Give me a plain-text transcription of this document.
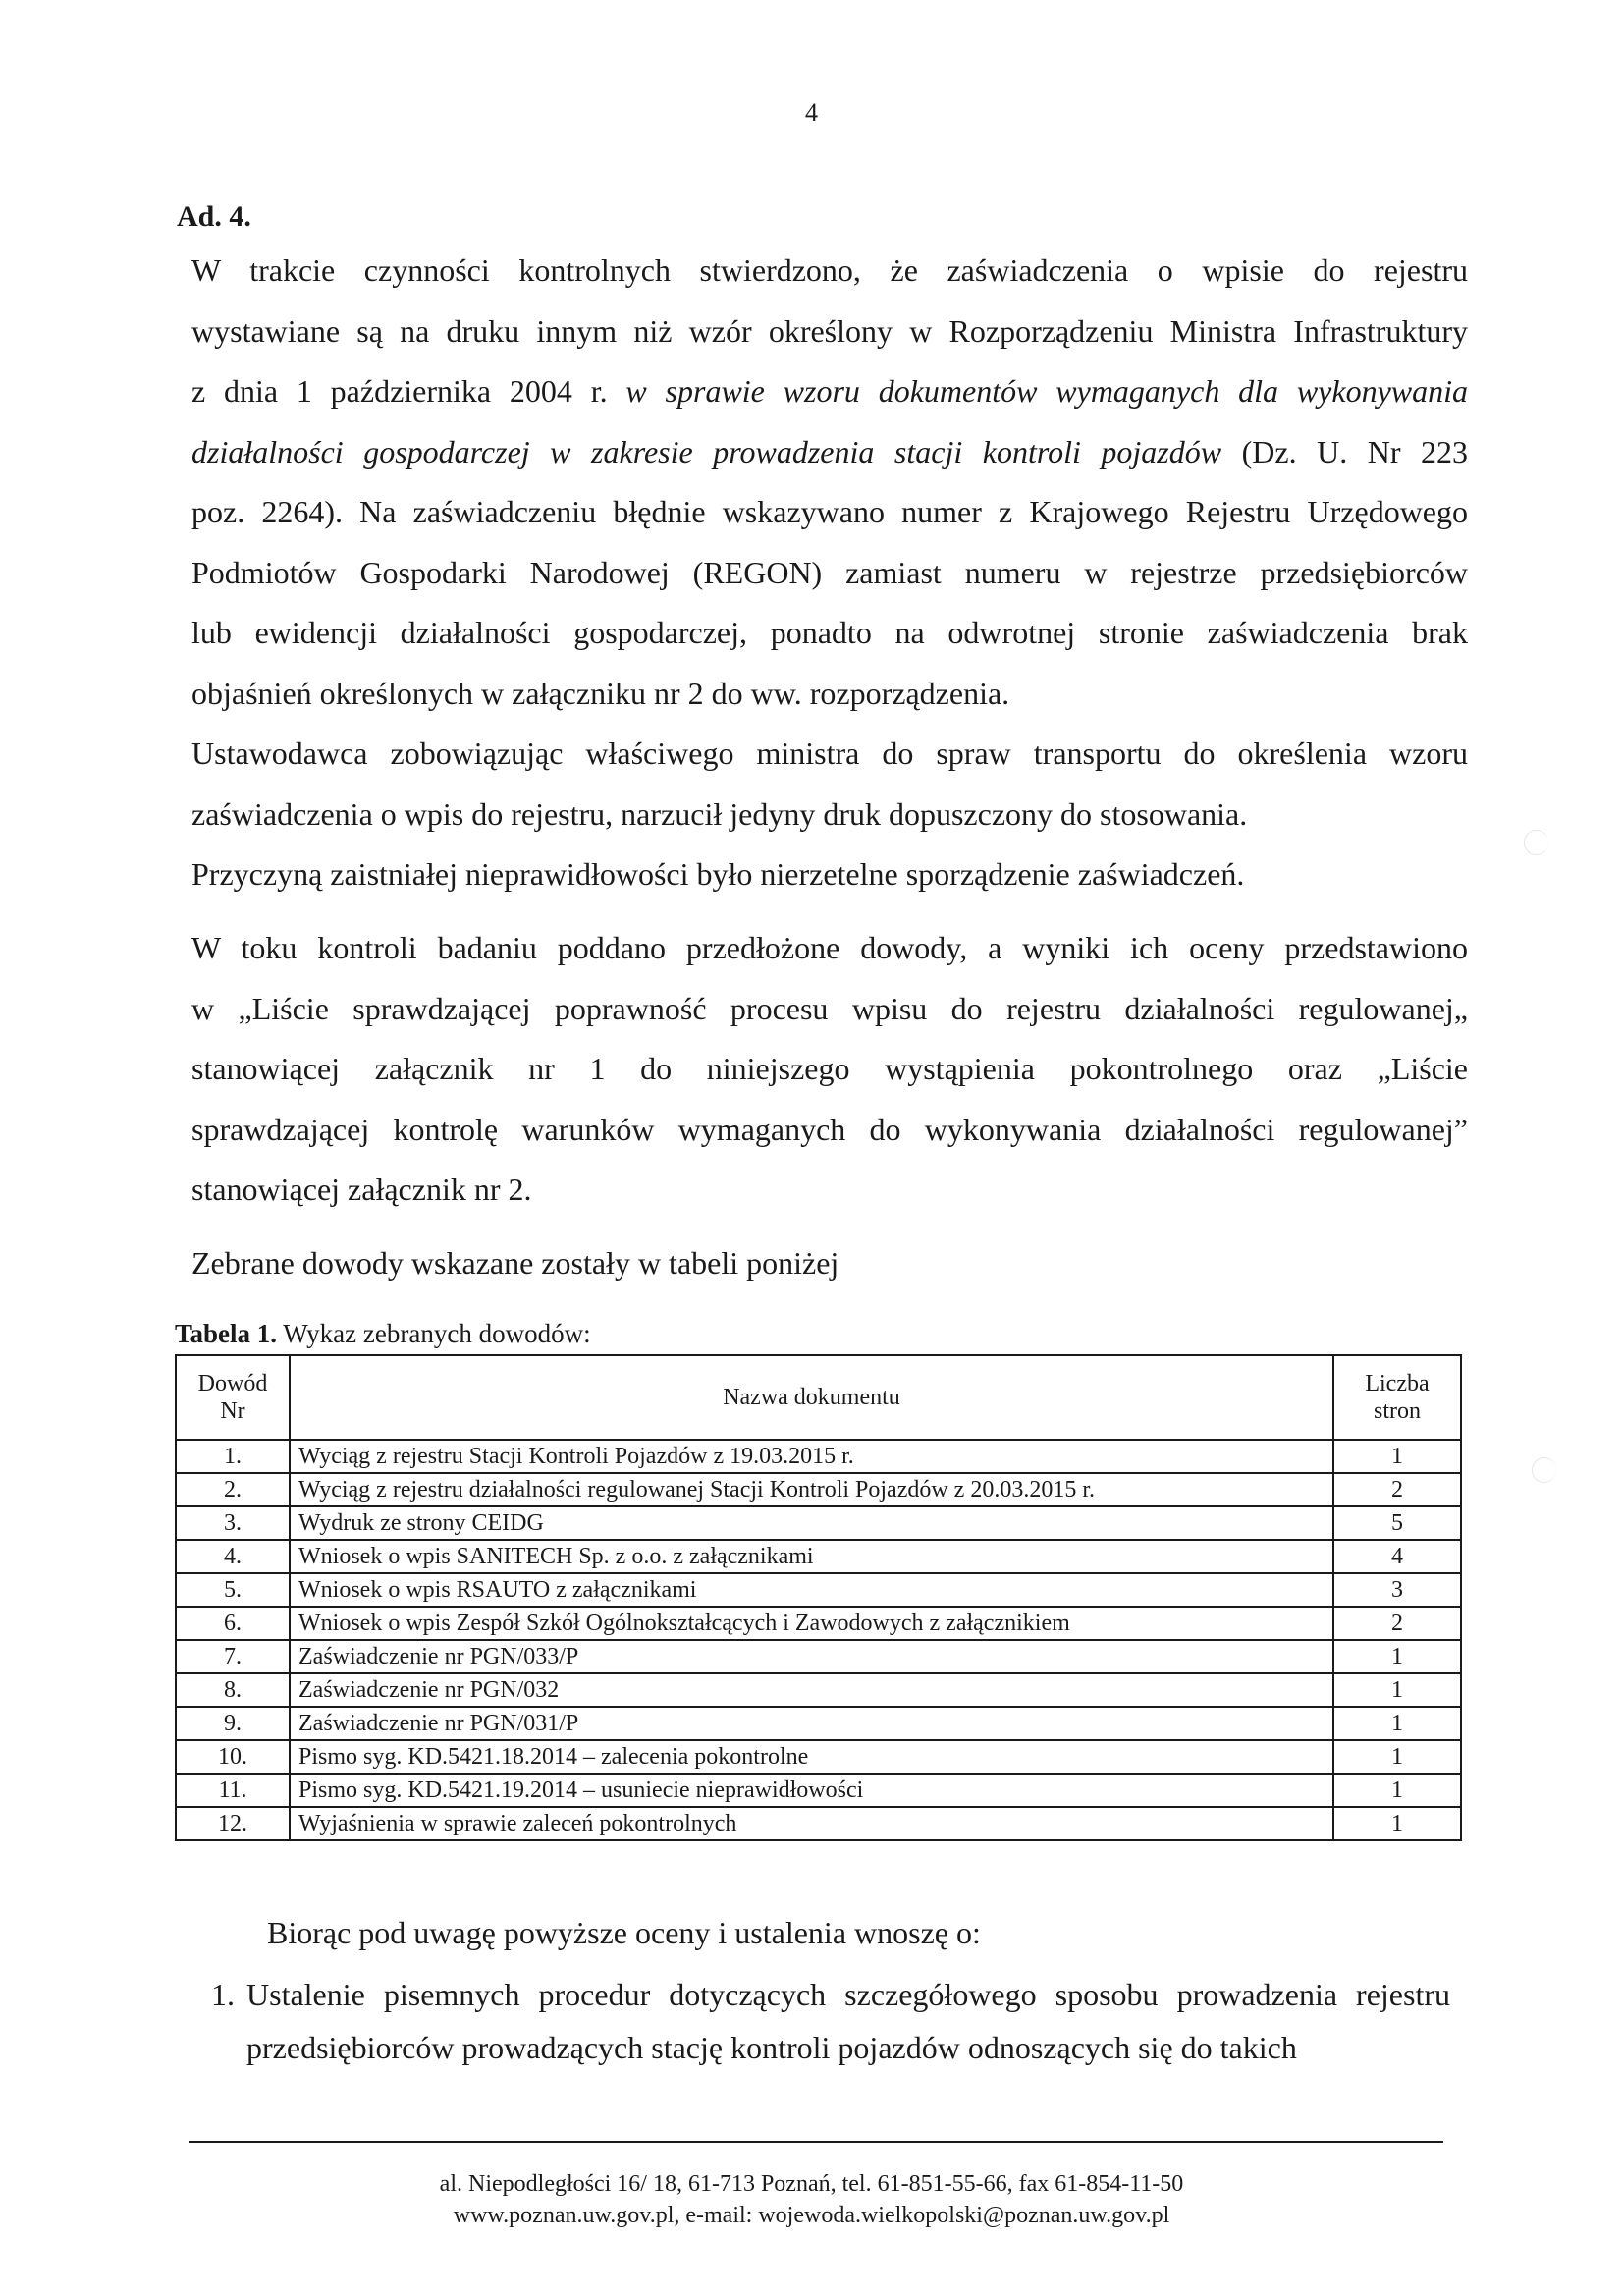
4
Ad. 4.
W trakcie czynności kontrolnych stwierdzono, że zaświadczenia o wpisie do rejestru
wystawiane są na druku innym niż wzór określony w Rozporządzeniu Ministra Infrastruktury
z dnia 1 października 2004 r. w sprawie wzoru dokumentów wymaganych dla wykonywania
działalności gospodarczej w zakresie prowadzenia stacji kontroli pojazdów (Dz. U. Nr 223
poz. 2264). Na zaświadczeniu błędnie wskazywano numer z Krajowego Rejestru Urzędowego
Podmiotów Gospodarki Narodowej (REGON) zamiast numeru w rejestrze przedsiębiorców
lub ewidencji działalności gospodarczej, ponadto na odwrotnej stronie zaświadczenia brak
objaśnień określonych w załączniku nr 2 do ww. rozporządzenia.
Ustawodawca zobowiązując właściwego ministra do spraw transportu do określenia wzoru
zaświadczenia o wpis do rejestru, narzucił jedyny druk dopuszczony do stosowania.
Przyczyną zaistniałej nieprawidłowości było nierzetelne sporządzenie zaświadczeń.
W toku kontroli badaniu poddano przedłożone dowody, a wyniki ich oceny przedstawiono
w „Liście sprawdzającej poprawność procesu wpisu do rejestru działalności regulowanej„
stanowiącej załącznik nr 1 do niniejszego wystąpienia pokontrolnego oraz „Liście
sprawdzającej kontrolę warunków wymaganych do wykonywania działalności regulowanej”
stanowiącej załącznik nr 2.
Zebrane dowody wskazane zostały w tabeli poniżej
Tabela 1. Wykaz zebranych dowodów:
Dowód
Nr	Nazwa dokumentu	Liczba
stron
1.	Wyciąg z rejestru Stacji Kontroli Pojazdów z 19.03.2015 r.	1
2.	Wyciąg z rejestru działalności regulowanej Stacji Kontroli Pojazdów z 20.03.2015 r.	2
3.	Wydruk ze strony CEIDG	5
4.	Wniosek o wpis SANITECH Sp. z o.o. z załącznikami	4
5.	Wniosek o wpis RSAUTO z załącznikami	3
6.	Wniosek o wpis Zespół Szkół Ogólnokształcących i Zawodowych z załącznikiem	2
7.	Zaświadczenie nr PGN/033/P	1
8.	Zaświadczenie nr PGN/032	1
9.	Zaświadczenie nr PGN/031/P	1
10.	Pismo syg. KD.5421.18.2014 – zalecenia pokontrolne	1
11.	Pismo syg. KD.5421.19.2014 – usuniecie nieprawidłowości	1
12.	Wyjaśnienia w sprawie zaleceń pokontrolnych	1
Biorąc pod uwagę powyższe oceny i ustalenia wnoszę o:
1. Ustalenie pisemnych procedur dotyczących szczegółowego sposobu prowadzenia rejestru przedsiębiorców prowadzących stację kontroli pojazdów odnoszących się do takich
al. Niepodległości 16/ 18, 61-713 Poznań, tel. 61-851-55-66, fax 61-854-11-50
www.poznan.uw.gov.pl, e-mail: wojewoda.wielkopolski@poznan.uw.gov.pl
